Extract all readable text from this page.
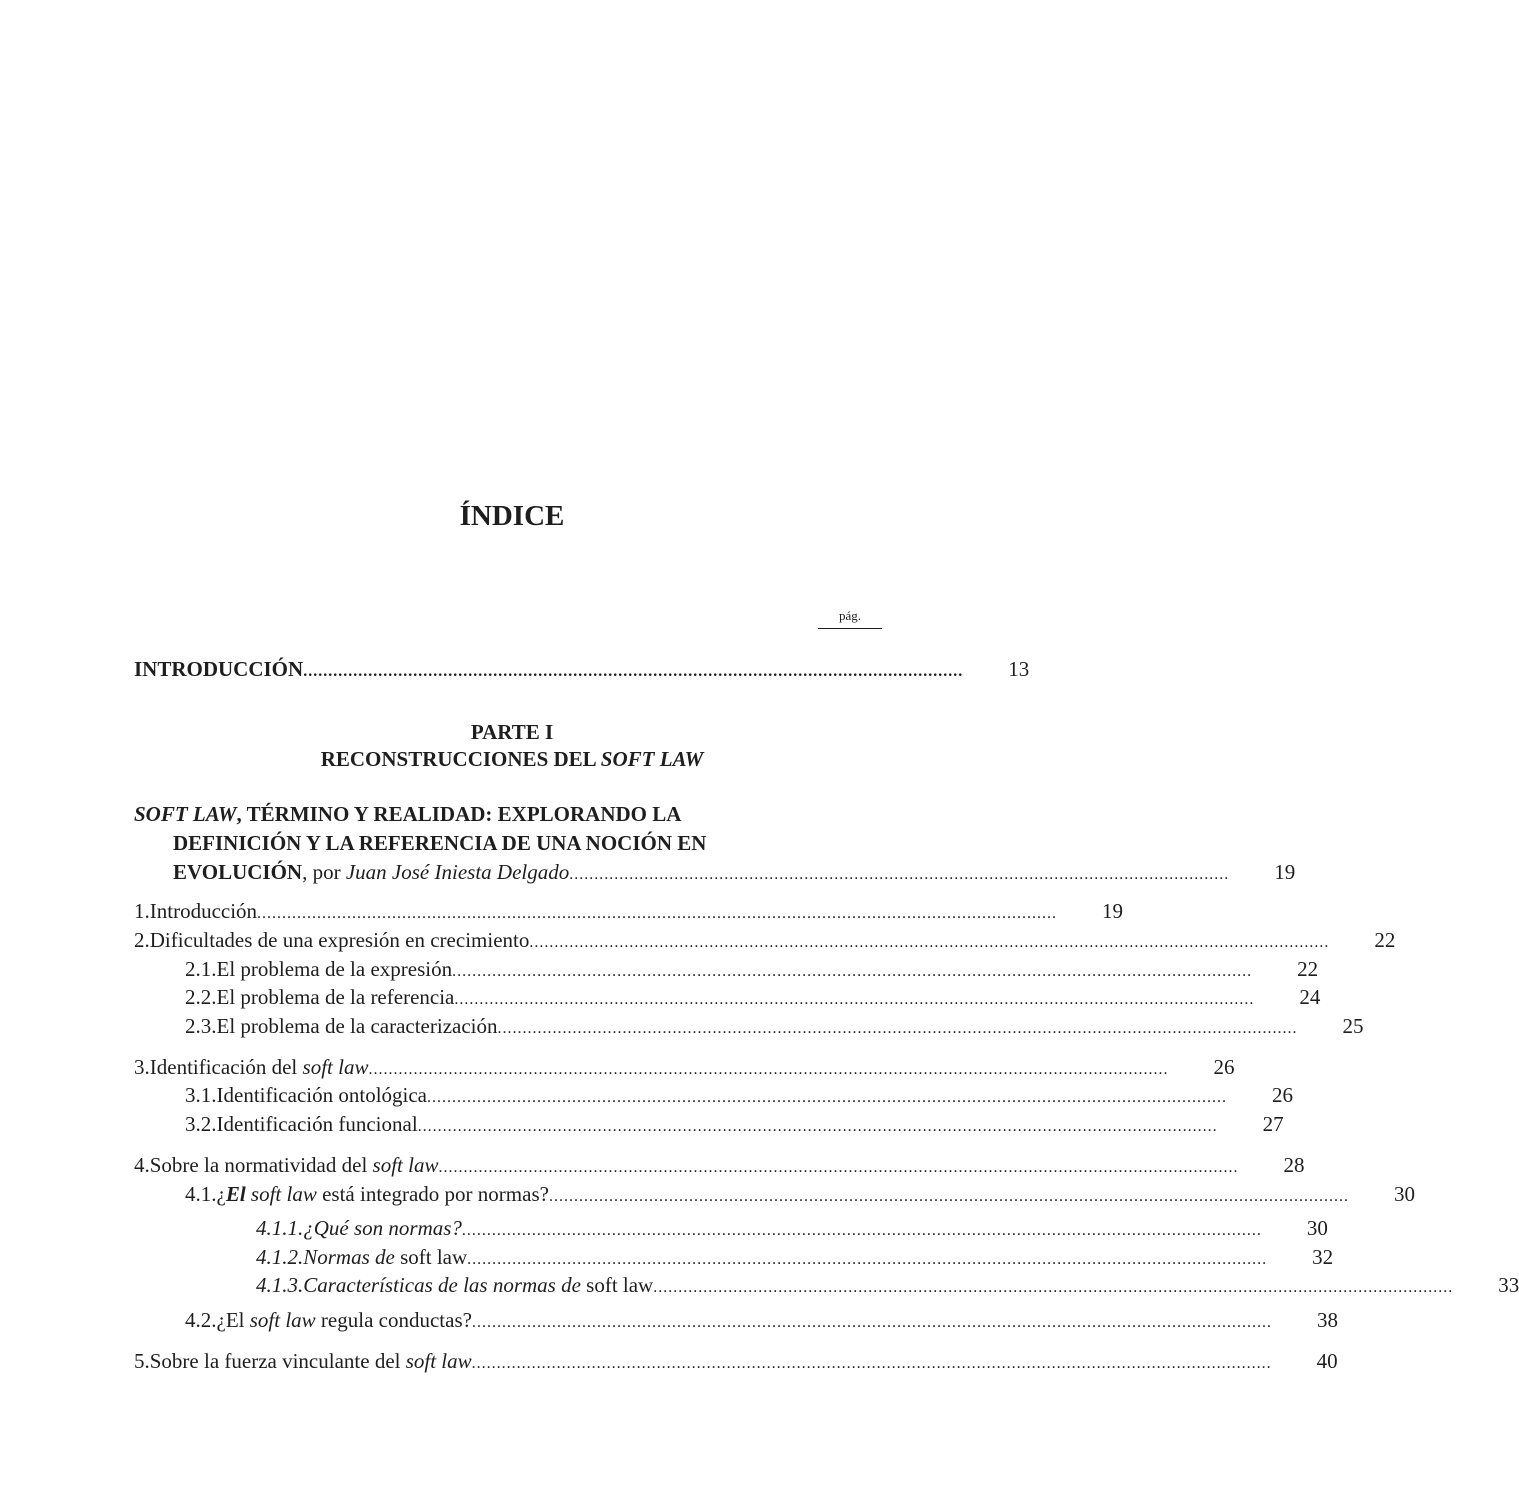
ÍNDICE
pág.
INTRODUCCIÓN ....................................................................................................................................	13
PARTE I
RECONSTRUCCIONES DEL SOFT LAW
SOFT LAW, TÉRMINO Y REALIDAD: EXPLORANDO LA
DEFINICIÓN Y LA REFERENCIA DE UNA NOCIÓN EN
EVOLUCIÓN, por Juan José Iniesta Delgado ....................................................................................................................................	19
1. Introducción ................................................................................................................................................................	19
2. Dificultades de una expresión en crecimiento ................................................................................................................................................................	22
2.1. El problema de la expresión ................................................................................................................................................................	22
2.2. El problema de la referencia ................................................................................................................................................................	24
2.3. El problema de la caracterización ................................................................................................................................................................	25
3. Identificación del soft law ................................................................................................................................................................	26
3.1. Identificación ontológica ................................................................................................................................................................	26
3.2. Identificación funcional ................................................................................................................................................................	27
4. Sobre la normatividad del soft law ................................................................................................................................................................	28
4.1. ¿El soft law está integrado por normas? ................................................................................................................................................................	30
4.1.1. ¿Qué son normas? ................................................................................................................................................................	30
4.1.2. Normas de soft law ................................................................................................................................................................	32
4.1.3. Características de las normas de soft law ................................................................................................................................................................	33
4.2. ¿El soft law regula conductas? ................................................................................................................................................................	38
5. Sobre la fuerza vinculante del soft law ................................................................................................................................................................	40
